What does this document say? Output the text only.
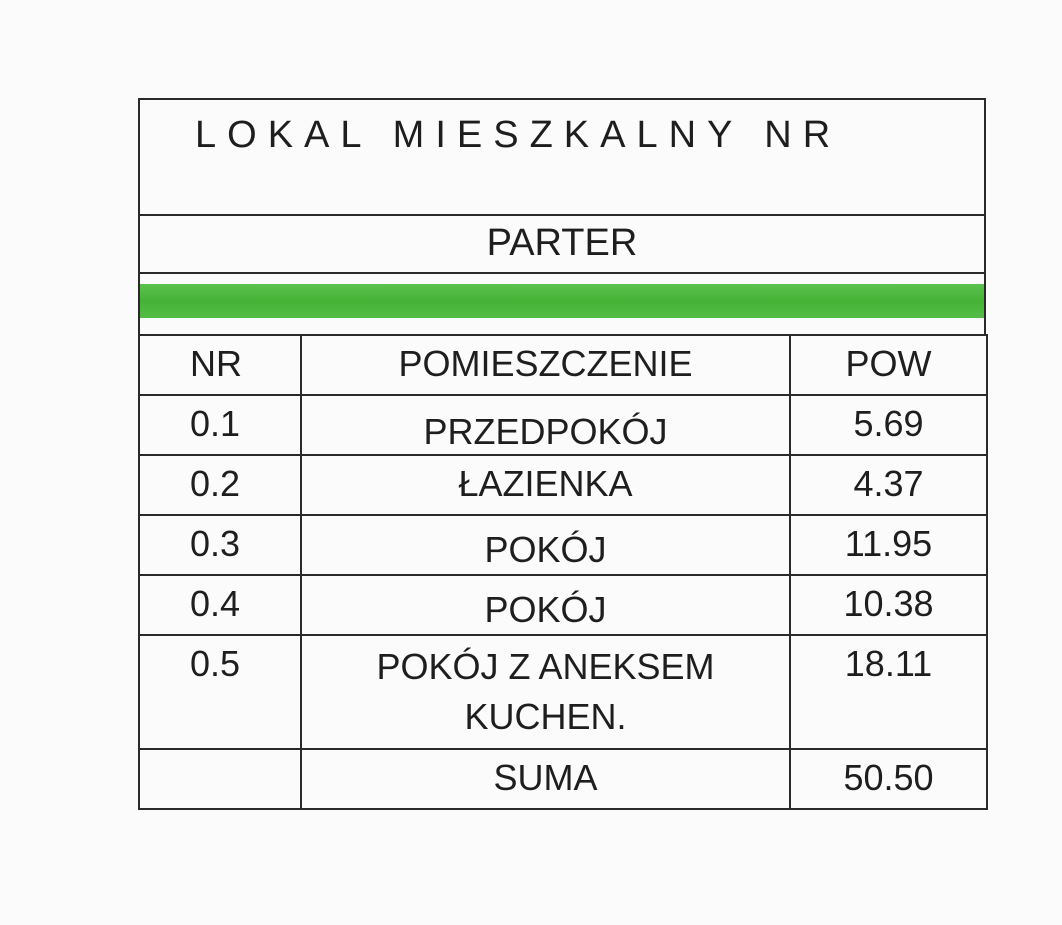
LOKAL MIESZKALNY NR
PARTER
NR	POMIESZCZENIE	POW
0.1	PRZEDPOKÓJ	5.69
0.2	ŁAZIENKA	4.37
0.3	POKÓJ	11.95
0.4	POKÓJ	10.38
0.5	POKÓJ Z ANEKSEM KUCHEN.	18.11
	SUMA	50.50
